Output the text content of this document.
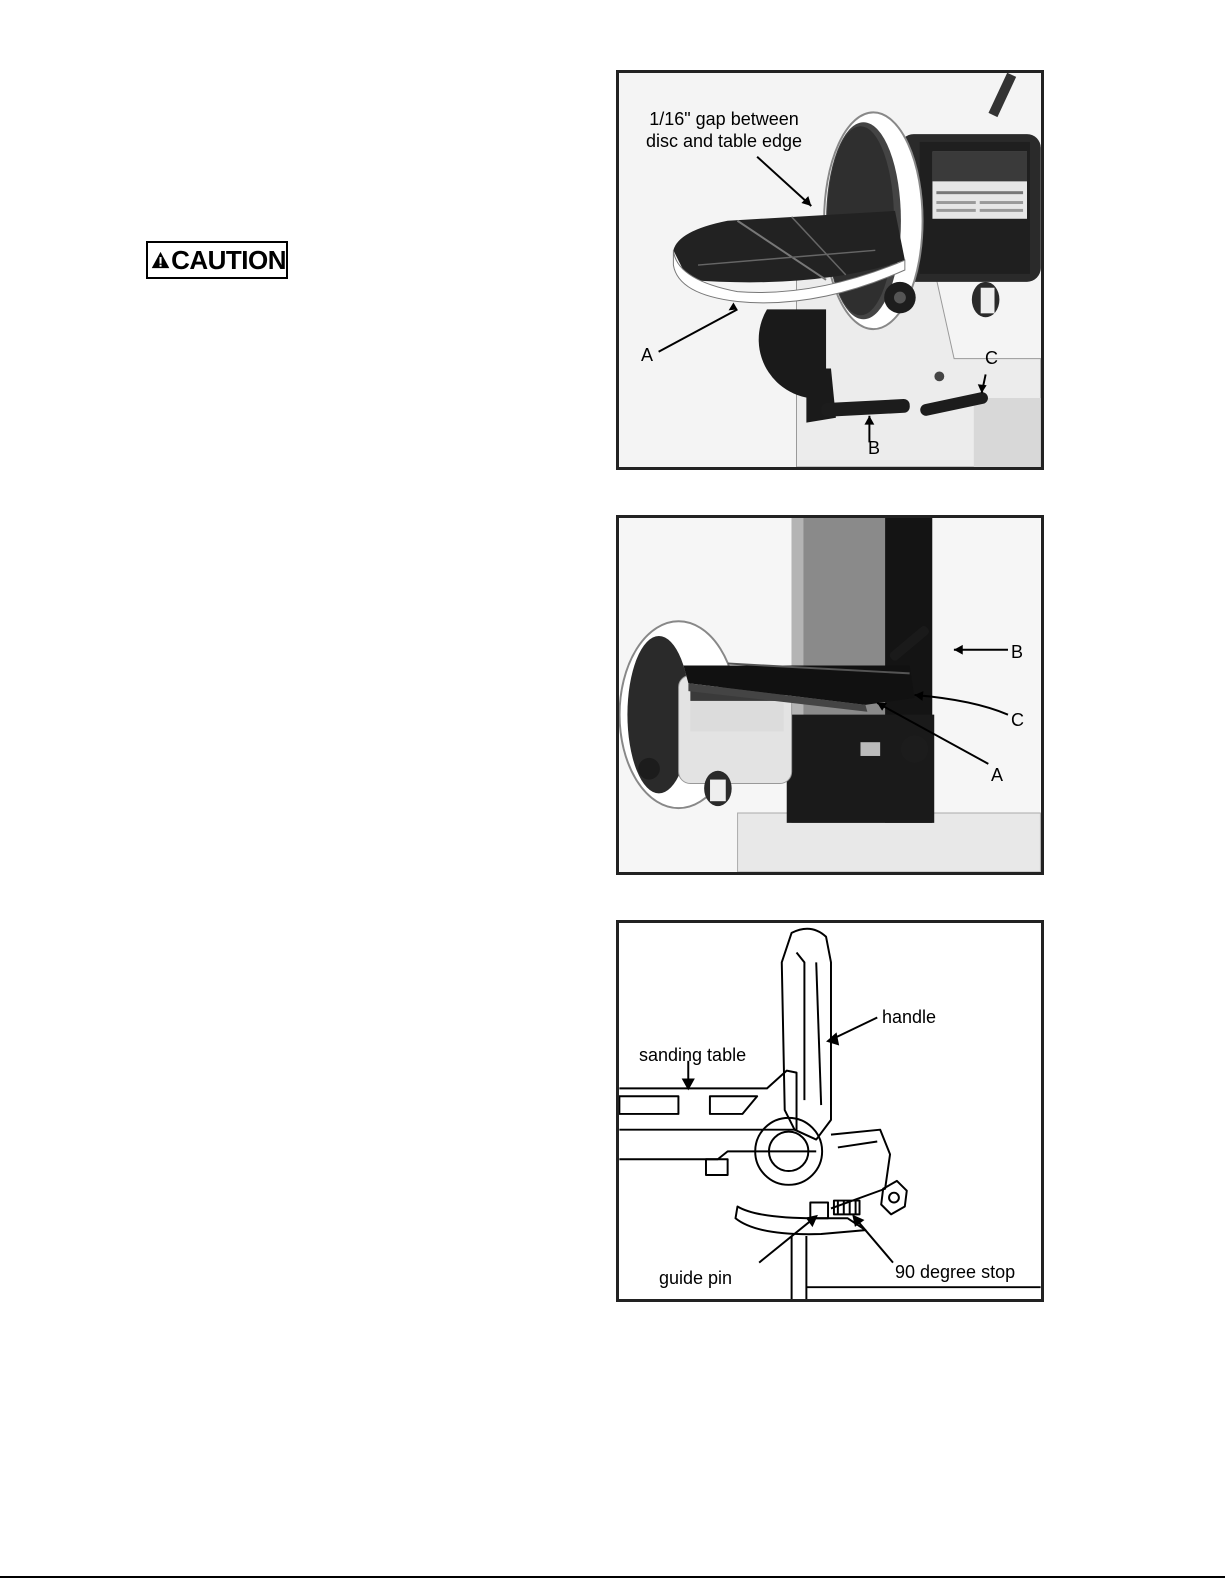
CAUTION
1/16" gap between
disc and table edge
A
B
C
B
C
A
handle
sanding table
guide pin	90 degree stop
